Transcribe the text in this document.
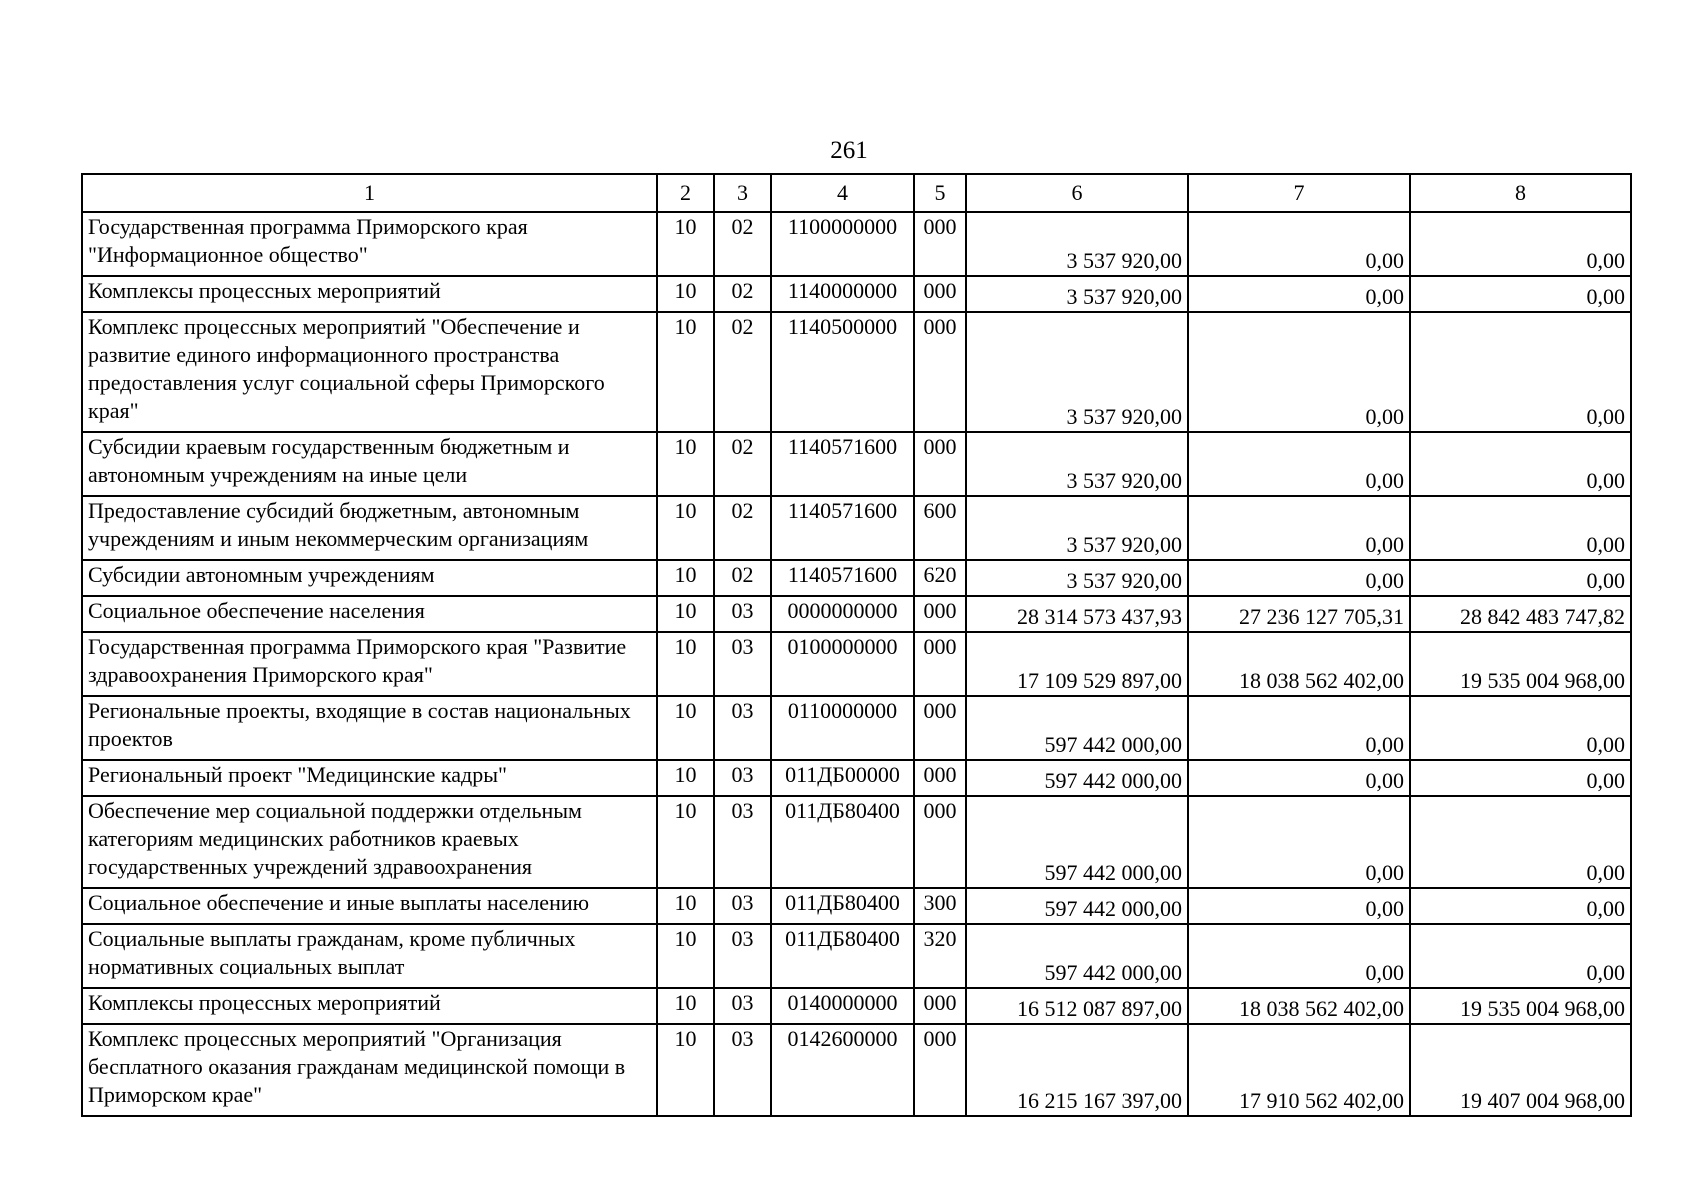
261
1	2	3	4	5	6	7	8
Государственная программа Приморского края "Информационное общество"	10	02	1100000000	000	3 537 920,00	0,00	0,00
Комплексы процессных мероприятий	10	02	1140000000	000	3 537 920,00	0,00	0,00
Комплекс процессных мероприятий "Обеспечение и развитие единого информационного пространства предоставления услуг социальной сферы Приморского края"	10	02	1140500000	000	3 537 920,00	0,00	0,00
Субсидии краевым государственным бюджетным и автономным учреждениям на иные цели	10	02	1140571600	000	3 537 920,00	0,00	0,00
Предоставление субсидий бюджетным, автономным учреждениям и иным некоммерческим организациям	10	02	1140571600	600	3 537 920,00	0,00	0,00
Субсидии автономным учреждениям	10	02	1140571600	620	3 537 920,00	0,00	0,00
Социальное обеспечение населения	10	03	0000000000	000	28 314 573 437,93	27 236 127 705,31	28 842 483 747,82
Государственная программа Приморского края "Развитие здравоохранения Приморского края"	10	03	0100000000	000	17 109 529 897,00	18 038 562 402,00	19 535 004 968,00
Региональные проекты, входящие в состав национальных проектов	10	03	0110000000	000	597 442 000,00	0,00	0,00
Региональный проект "Медицинские кадры"	10	03	011ДБ00000	000	597 442 000,00	0,00	0,00
Обеспечение мер социальной поддержки отдельным категориям медицинских работников краевых государственных учреждений здравоохранения	10	03	011ДБ80400	000	597 442 000,00	0,00	0,00
Социальное обеспечение и иные выплаты населению	10	03	011ДБ80400	300	597 442 000,00	0,00	0,00
Социальные выплаты гражданам, кроме публичных нормативных социальных выплат	10	03	011ДБ80400	320	597 442 000,00	0,00	0,00
Комплексы процессных мероприятий	10	03	0140000000	000	16 512 087 897,00	18 038 562 402,00	19 535 004 968,00
Комплекс процессных мероприятий "Организация бесплатного оказания гражданам медицинской помощи в Приморском крае"	10	03	0142600000	000	16 215 167 397,00	17 910 562 402,00	19 407 004 968,00
